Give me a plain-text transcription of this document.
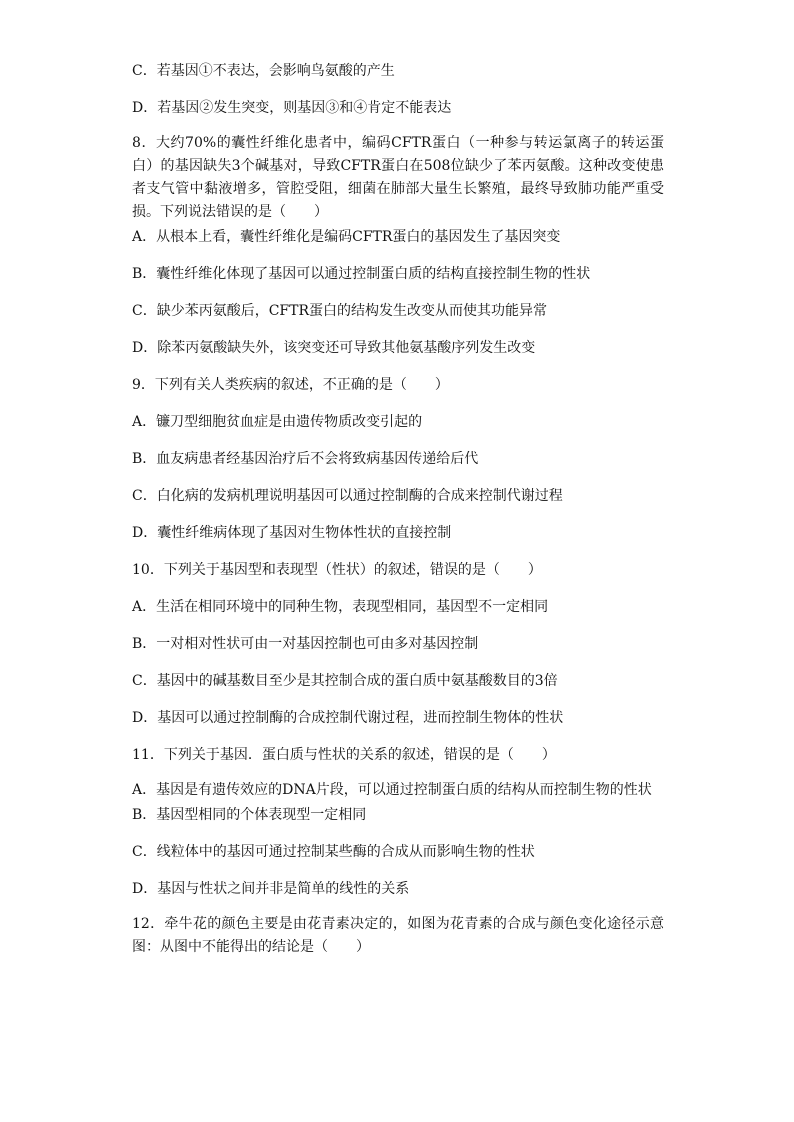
C．若基因①不表达，会影响鸟氨酸的产生

D．若基因②发生突变，则基因③和④肯定不能表达

8．大约70%的囊性纤维化患者中，编码CFTR蛋白（一种参与转运氯离子的转运蛋白）的基因缺失3个碱基对，导致CFTR蛋白在508位缺少了苯丙氨酸。这种改变使患者支气管中黏液增多，管腔受阻，细菌在肺部大量生长繁殖，最终导致肺功能严重受损。下列说法错误的是（　　）

A．从根本上看，囊性纤维化是编码CFTR蛋白的基因发生了基因突变

B．囊性纤维化体现了基因可以通过控制蛋白质的结构直接控制生物的性状

C．缺少苯丙氨酸后，CFTR蛋白的结构发生改变从而使其功能异常

D．除苯丙氨酸缺失外，该突变还可导致其他氨基酸序列发生改变

9．下列有关人类疾病的叙述，不正确的是（　　）

A．镰刀型细胞贫血症是由遗传物质改变引起的

B．血友病患者经基因治疗后不会将致病基因传递给后代

C．白化病的发病机理说明基因可以通过控制酶的合成来控制代谢过程

D．囊性纤维病体现了基因对生物体性状的直接控制

10．下列关于基因型和表现型（性状）的叙述，错误的是（　　）

A．生活在相同环境中的同种生物，表现型相同，基因型不一定相同

B．一对相对性状可由一对基因控制也可由多对基因控制

C．基因中的碱基数目至少是其控制合成的蛋白质中氨基酸数目的3倍

D．基因可以通过控制酶的合成控制代谢过程，进而控制生物体的性状

11．下列关于基因．蛋白质与性状的关系的叙述，错误的是（　　）

A．基因是有遗传效应的DNA片段，可以通过控制蛋白质的结构从而控制生物的性状

B．基因型相同的个体表现型一定相同

C．线粒体中的基因可通过控制某些酶的合成从而影响生物的性状

D．基因与性状之间并非是简单的线性的关系

12．牵牛花的颜色主要是由花青素决定的，如图为花青素的合成与颜色变化途径示意图：从图中不能得出的结论是（　　）
